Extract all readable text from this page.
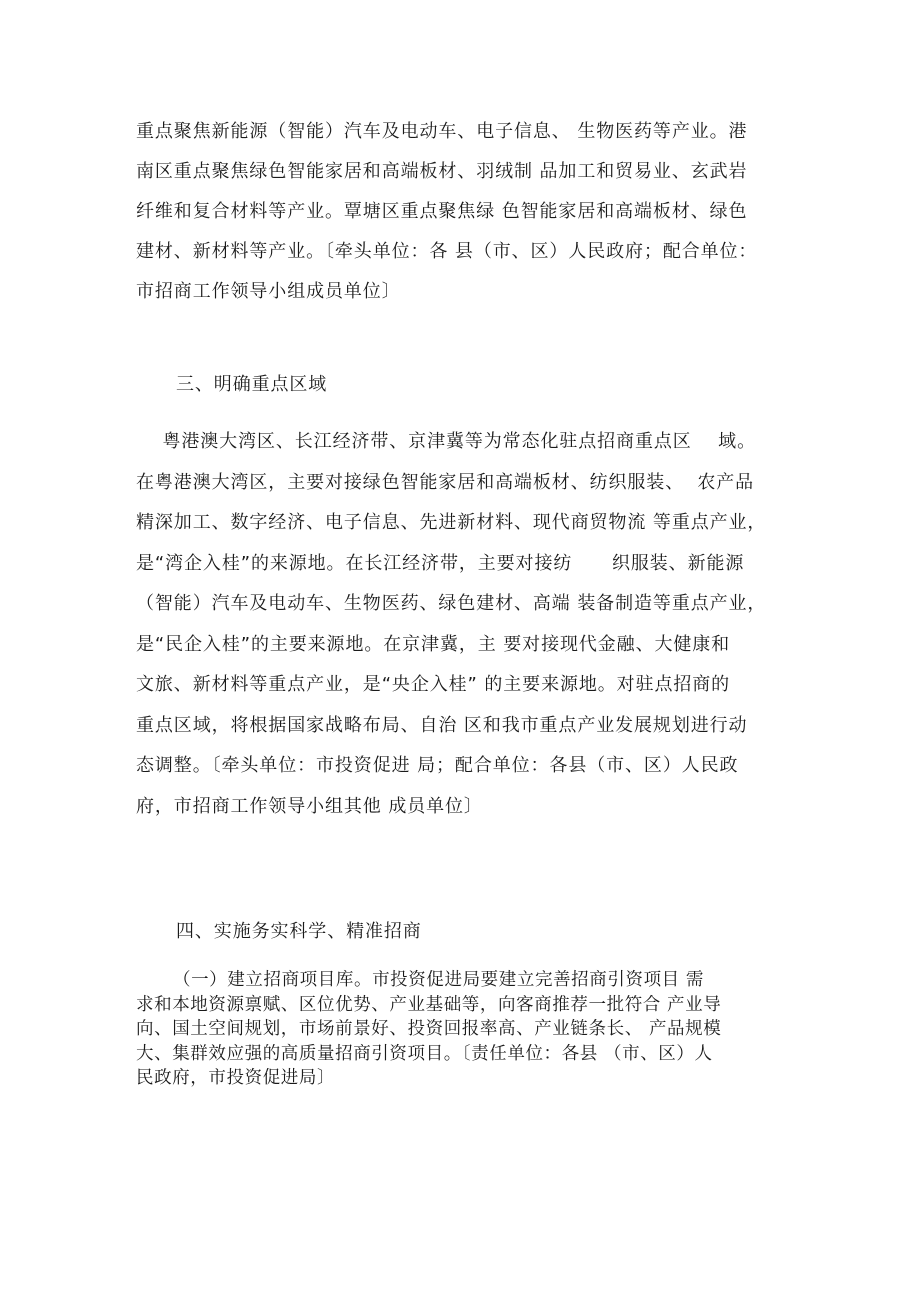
重点聚焦新能源（智能）汽车及电动车、电子信息、 生物医药等产业。港
南区重点聚焦绿色智能家居和高端板材、羽绒制 品加工和贸易业、玄武岩
纤维和复合材料等产业。覃塘区重点聚焦绿 色智能家居和高端板材、绿色
建材、新材料等产业。〔牵头单位：各 县（市、区）人民政府；配合单位：
市招商工作领导小组成员单位〕
三、明确重点区域
粤港澳大湾区、长江经济带、京津冀等为常态化驻点招商重点区    域。
在粤港澳大湾区，主要对接绿色智能家居和高端板材、纺织服装、  农产品
精深加工、数字经济、电子信息、先进新材料、现代商贸物流 等重点产业，
是“湾企入桂”的来源地。在长江经济带，主要对接纺      织服装、新能源
（智能）汽车及电动车、生物医药、绿色建材、高端 装备制造等重点产业，
是“民企入桂”的主要来源地。在京津冀，主 要对接现代金融、大健康和
文旅、新材料等重点产业，是“央企入桂” 的主要来源地。对驻点招商的
重点区域，将根据国家战略布局、自治 区和我市重点产业发展规划进行动
态调整。〔牵头单位：市投资促进 局；配合单位：各县（市、区）人民政
府，市招商工作领导小组其他 成员单位〕
四、实施务实科学、精准招商
（一）建立招商项目库。市投资促进局要建立完善招商引资项目 需
求和本地资源禀赋、区位优势、产业基础等，向客商推荐一批符合 产业导
向、国土空间规划，市场前景好、投资回报率高、产业链条长、 产品规模
大、集群效应强的高质量招商引资项目。〔责任单位：各县 （市、区）人
民政府，市投资促进局〕
